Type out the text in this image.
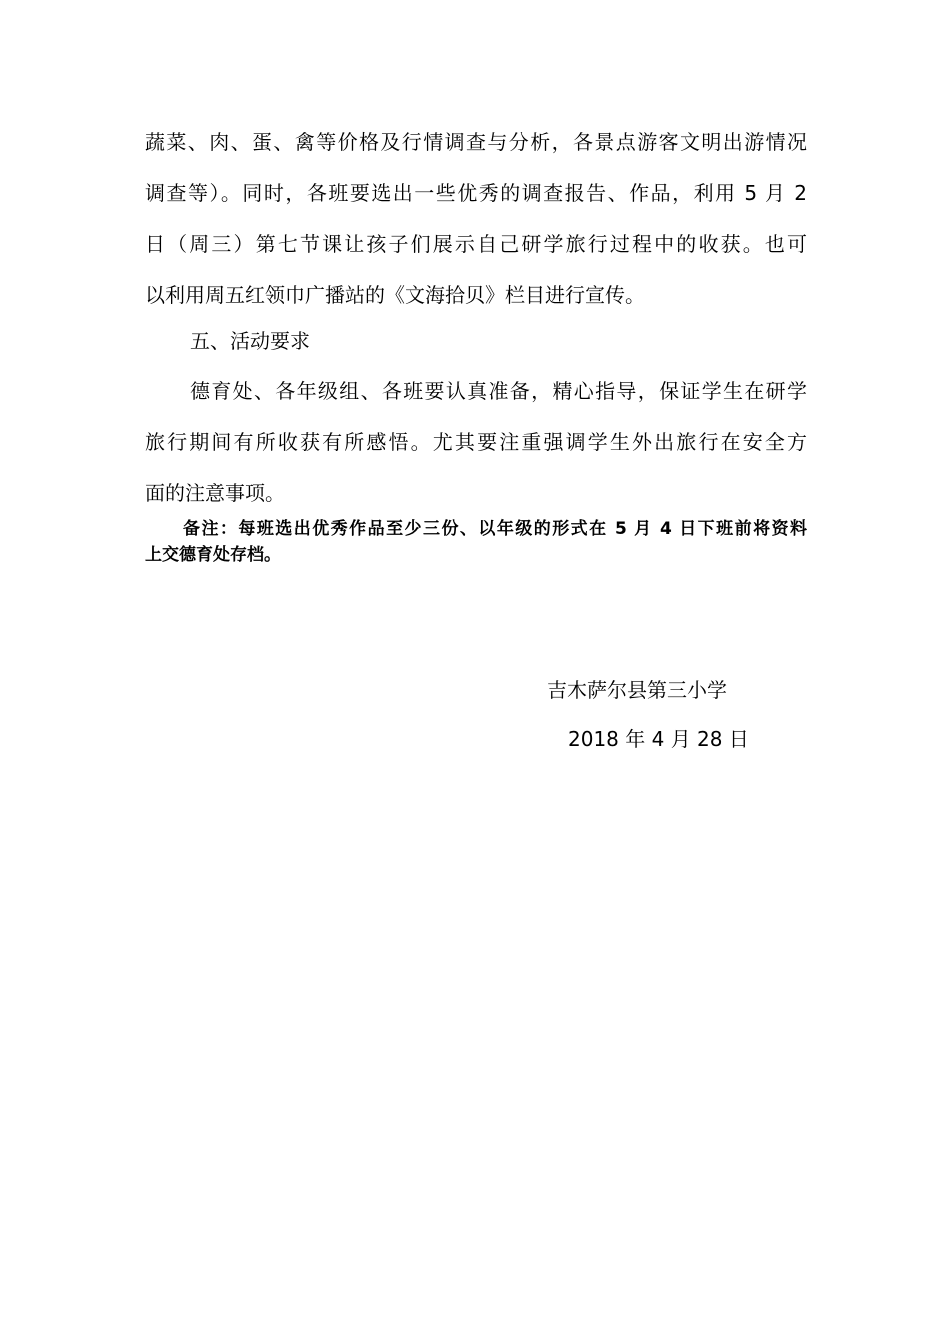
蔬菜、肉、蛋、禽等价格及行情调查与分析，各景点游客文明出游情况
调查等）。同时，各班要选出一些优秀的调查报告、作品，利用 5 月 2
日（周三）第七节课让孩子们展示自己研学旅行过程中的收获。也可
以利用周五红领巾广播站的《文海拾贝》栏目进行宣传。
五、活动要求
德育处、各年级组、各班要认真准备，精心指导，保证学生在研学
旅行期间有所收获有所感悟。尤其要注重强调学生外出旅行在安全方
面的注意事项。
备注：每班选出优秀作品至少三份、以年级的形式在 5 月 4 日下班前将资料
上交德育处存档。
吉木萨尔县第三小学
2018 年 4 月 28 日
